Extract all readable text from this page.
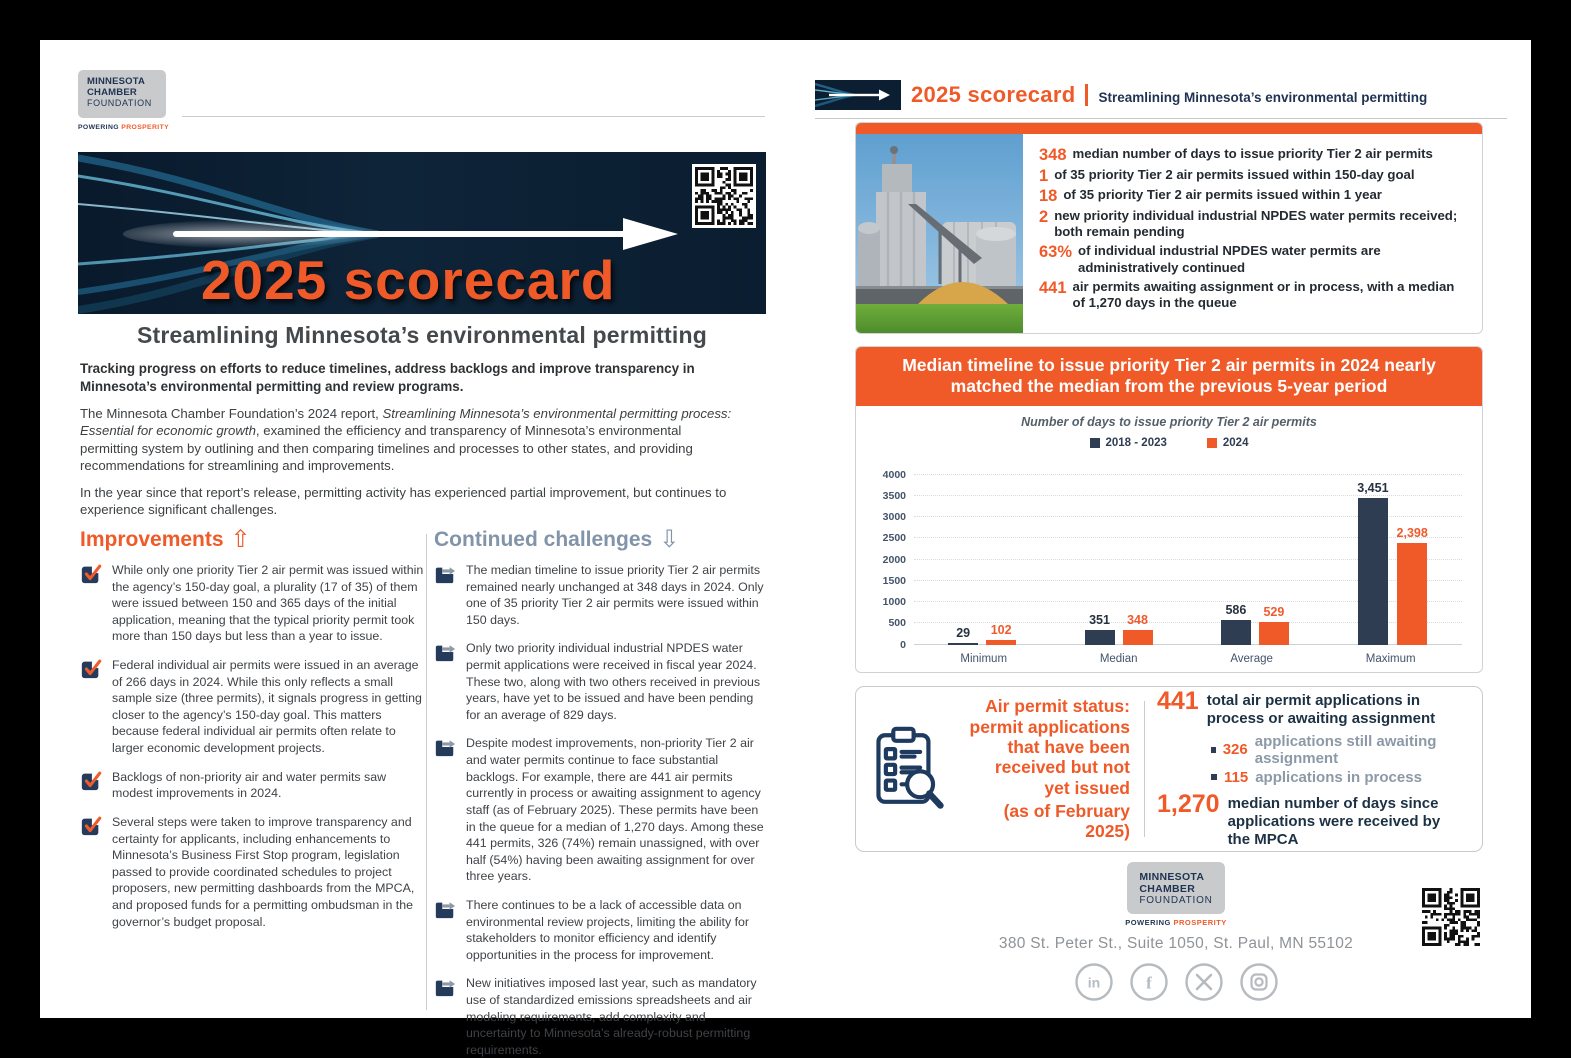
MINNESOTA
CHAMBER
FOUNDATION
POWERING PROSPERITY
2025 scorecard
Streamlining Minnesota’s environmental permitting

Tracking progress on efforts to reduce timelines, address backlogs and improve transparency in Minnesota’s environmental permitting and review programs.

The Minnesota Chamber Foundation’s 2024 report, Streamlining Minnesota’s environmental permitting process: Essential for economic growth, examined the efficiency and transparency of Minnesota’s environmental permitting system by outlining and then comparing timelines and processes to other states, and providing recommendations for streamlining and improvements.

In the year since that report’s release, permitting activity has experienced partial improvement, but continues to experience significant challenges.

Improvements ⇧
While only one priority Tier 2 air permit was issued within the agency’s 150-day goal, a plurality (17 of 35) of them were issued between 150 and 365 days of the initial application, meaning that the typical priority permit took more than 150 days but less than a year to issue.
Federal individual air permits were issued in an average of 266 days in 2024. While this only reflects a small sample size (three permits), it signals progress in getting closer to the agency’s 150-day goal. This matters because federal individual air permits often relate to larger economic development projects.
Backlogs of non-priority air and water permits saw modest improvements in 2024.
Several steps were taken to improve transparency and certainty for applicants, including enhancements to Minnesota’s Business First Stop program, legislation passed to provide coordinated schedules to project proposers, new permitting dashboards from the MPCA, and proposed funds for a permitting ombudsman in the governor’s budget proposal.
Continued challenges ⇩
The median timeline to issue priority Tier 2 air permits remained nearly unchanged at 348 days in 2024. Only one of 35 priority Tier 2 air permits were issued within 150 days.
Only two priority individual industrial NPDES water permit applications were received in fiscal year 2024. These two, along with two others received in previous years, have yet to be issued and have been pending for an average of 829 days.
Despite modest improvements, non-priority Tier 2 air and water permits continue to face substantial backlogs. For example, there are 441 air permits currently in process or awaiting assignment to agency staff (as of February 2025). These permits have been in the queue for a median of 1,270 days. Among these 441 permits, 326 (74%) remain unassigned, with over half (54%) having been awaiting assignment for over three years.
There continues to be a lack of accessible data on environmental review projects, limiting the ability for stakeholders to monitor efficiency and identify opportunities in the process for improvement.
New initiatives imposed last year, such as mandatory use of standardized emissions spreadsheets and air modeling requirements, add complexity and uncertainty to Minnesota’s already-robust permitting requirements.
2025 scorecard Streamlining Minnesota’s environmental permitting
348 median number of days to issue priority Tier 2 air permits
1 of 35 priority Tier 2 air permits issued within 150-day goal
18 of 35 priority Tier 2 air permits issued within 1 year
2 new priority individual industrial NPDES water permits received; both remain pending
63% of individual industrial NPDES water permits are administratively continued
441 air permits awaiting assignment or in process, with a median of 1,270 days in the queue
Median timeline to issue priority Tier 2 air permits in 2024 nearly matched the median from the previous 5-year period
Number of days to issue priority Tier 2 air permits
2018 - 2023	2024
0
500
1000
1500
2000
2500
3000
3500
4000
29 102
351 348
586 529
3,451
2,398
Minimum	Median	Average	Maximum
Air permit status:
permit applications
that have been
received but not
yet issued
(as of February 2025)
441 total air permit applications in process or awaiting assignment
326 applications still awaiting assignment
115 applications in process
1,270 median number of days since applications were received by the MPCA
MINNESOTA
CHAMBER
FOUNDATION
POWERING PROSPERITY
380 St. Peter St., Suite 1050, St. Paul, MN 55102
in	f
